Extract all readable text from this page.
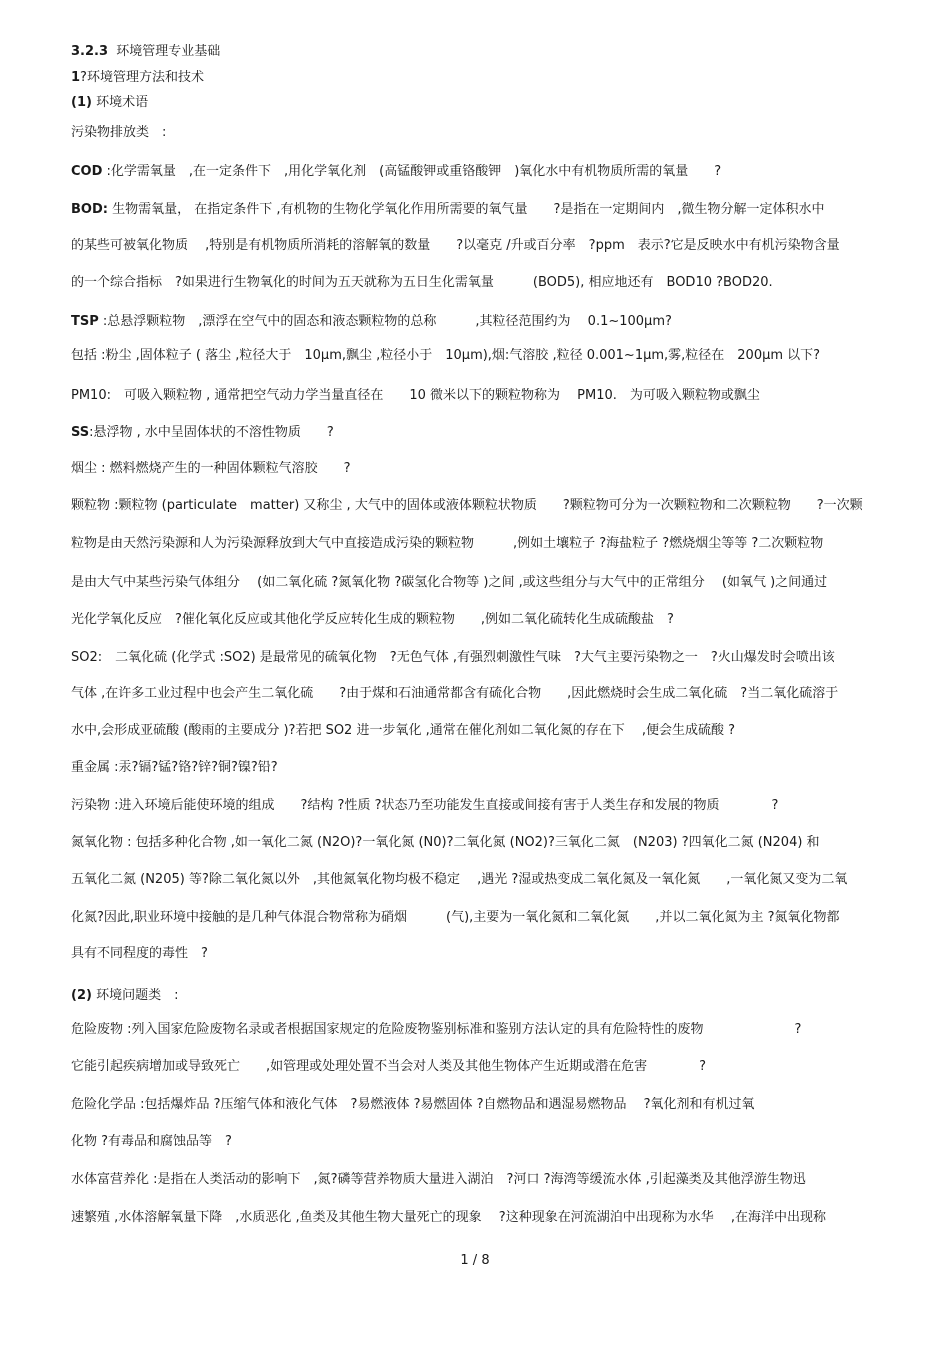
3.2.3 环境管理专业基础
1?环境管理方法和技术
(1) 环境术语
污染物排放类　:
COD :化学需氧量　,在一定条件下　,用化学氧化剂　(高锰酸钾或重铬酸钾　)氧化水中有机物质所需的氧量　　?
BOD: 生物需氧量， 在指定条件下 ,有机物的生物化学氧化作用所需要的氧气量　　?是指在一定期间内　,微生物分解一定体积水中
的某些可被氧化物质　 ,特别是有机物质所消耗的溶解氧的数量　　?以毫克 /升或百分率　?ppm　表示?它是反映水中有机污染物含量
的一个综合指标　?如果进行生物氧化的时间为五天就称为五日生化需氧量　　　(BOD5), 相应地还有　BOD10 ?BOD20.
TSP :总悬浮颗粒物　,漂浮在空气中的固态和液态颗粒物的总称　　　,其粒径范围约为　 0.1~100μm?
包括 :粉尘 ,固体粒子 ( 落尘 ,粒径大于　10μm,飘尘 ,粒径小于　10μm),烟:气溶胶 ,粒径 0.001~1μm,雾,粒径在　200μm 以下?
PM10:　可吸入颗粒物 , 通常把空气动力学当量直径在　　10 微米以下的颗粒物称为　 PM10.　为可吸入颗粒物或飘尘
SS:悬浮物 , 水中呈固体状的不溶性物质　　?
烟尘 : 燃料燃烧产生的一种固体颗粒气溶胶　　?
颗粒物 :颗粒物 (particulate　matter) 又称尘 , 大气中的固体或液体颗粒状物质　　?颗粒物可分为一次颗粒物和二次颗粒物　　?一次颗
粒物是由天然污染源和人为污染源释放到大气中直接造成污染的颗粒物　　　,例如土壤粒子 ?海盐粒子 ?燃烧烟尘等等 ?二次颗粒物
是由大气中某些污染气体组分　 (如二氧化硫 ?氮氧化物 ?碳氢化合物等 )之间 ,或这些组分与大气中的正常组分　 (如氧气 )之间通过
光化学氧化反应　?催化氧化反应或其他化学反应转化生成的颗粒物　　,例如二氧化硫转化生成硫酸盐　?
SO2:　二氧化硫 (化学式 :SO2) 是最常见的硫氧化物　?无色气体 ,有强烈刺激性气味　?大气主要污染物之一　?火山爆发时会喷出该
气体 ,在许多工业过程中也会产生二氧化硫　　?由于煤和石油通常都含有硫化合物　　,因此燃烧时会生成二氧化硫　?当二氧化硫溶于
水中,会形成亚硫酸 (酸雨的主要成分 )?若把 SO2 进一步氧化 ,通常在催化剂如二氧化氮的存在下　 ,便会生成硫酸 ?
重金属 :汞?镉?锰?铬?锌?铜?镍?铅?
污染物 :进入环境后能使环境的组成　　?结构 ?性质 ?状态乃至功能发生直接或间接有害于人类生存和发展的物质　　　　?
氮氧化物 : 包括多种化合物 ,如一氧化二氮 (N2O)?一氧化氮 (N0)?二氧化氮 (NO2)?三氧化二氮　(N203) ?四氧化二氮 (N204) 和
五氧化二氮 (N205) 等?除二氧化氮以外　,其他氮氧化物均极不稳定　 ,遇光 ?湿或热变成二氧化氮及一氧化氮　　,一氧化氮又变为二氧
化氮?因此,职业环境中接触的是几种气体混合物常称为硝烟　　　(气),主要为一氧化氮和二氧化氮　　,并以二氧化氮为主 ?氮氧化物都
具有不同程度的毒性　?
(2) 环境问题类　:
危险废物 :列入国家危险废物名录或者根据国家规定的危险废物鉴别标准和鉴别方法认定的具有危险特性的废物　　　　　　　?
它能引起疾病增加或导致死亡　　,如管理或处理处置不当会对人类及其他生物体产生近期或潜在危害　　　　?
危险化学品 :包括爆炸品 ?压缩气体和液化气体　?易燃液体 ?易燃固体 ?自燃物品和遇湿易燃物品　 ?氧化剂和有机过氧
化物 ?有毒品和腐蚀品等　?
水体富营养化 :是指在人类活动的影响下　,氮?磷等营养物质大量进入湖泊　?河口 ?海湾等缓流水体 ,引起藻类及其他浮游生物迅
速繁殖 ,水体溶解氧量下降　,水质恶化 ,鱼类及其他生物大量死亡的现象　 ?这种现象在河流湖泊中出现称为水华　 ,在海洋中出现称
1 / 8
